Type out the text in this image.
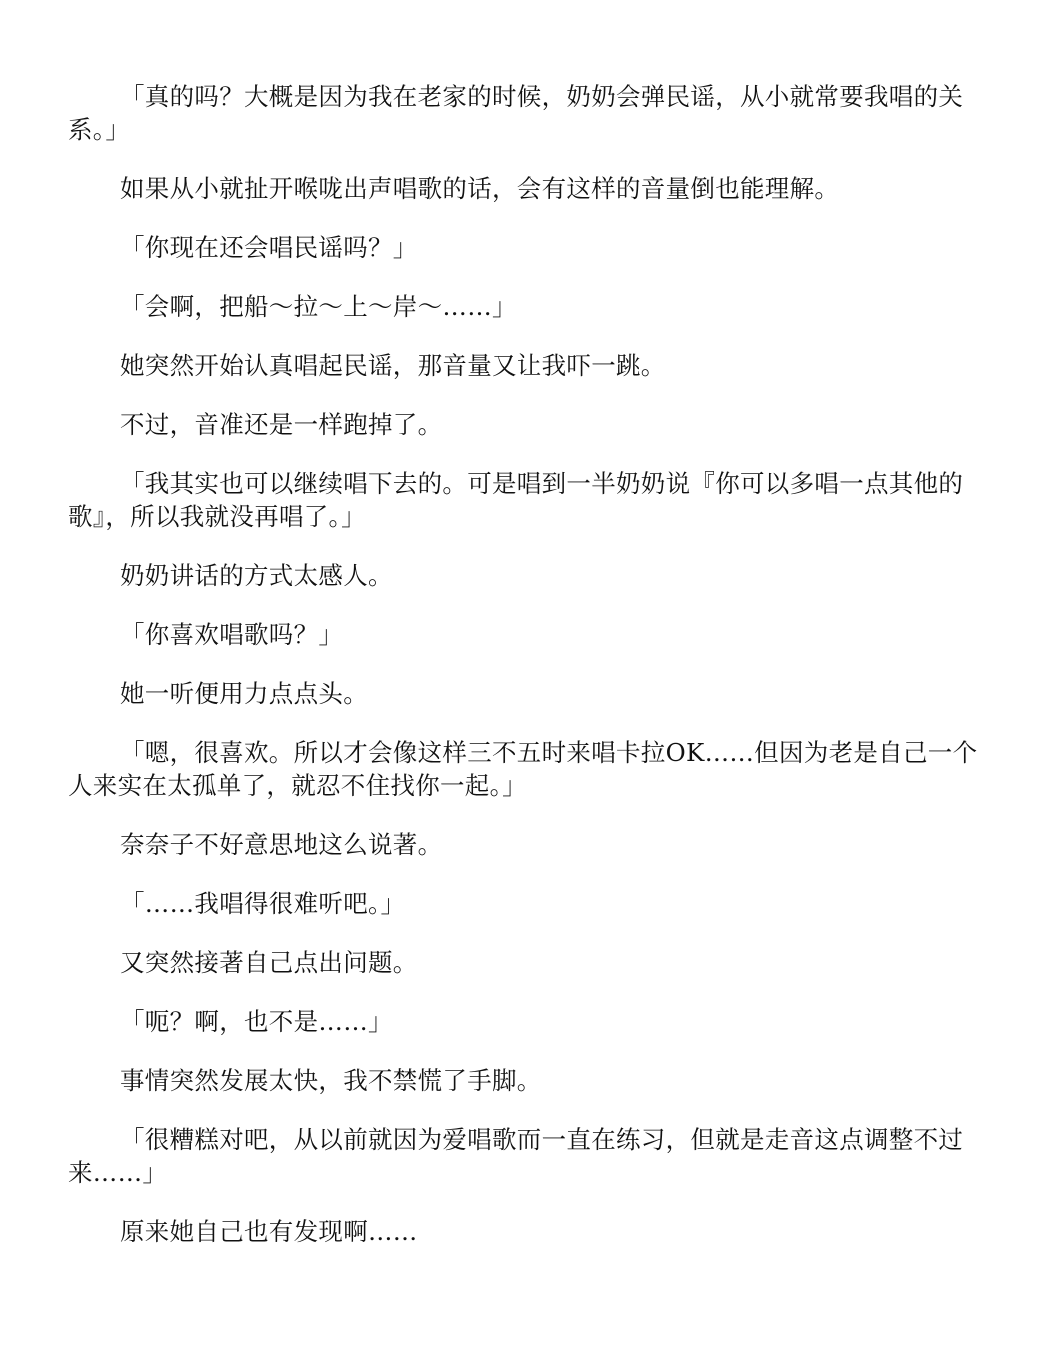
「真的吗？大概是因为我在老家的时候，奶奶会弹民谣，从小就常要我唱的关系。」

如果从小就扯开喉咙出声唱歌的话，会有这样的音量倒也能理解。

「你现在还会唱民谣吗？」

「会啊，把船～拉～上～岸～……」

她突然开始认真唱起民谣，那音量又让我吓一跳。

不过，音准还是一样跑掉了。

「我其实也可以继续唱下去的。可是唱到一半奶奶说『你可以多唱一点其他的歌』，所以我就没再唱了。」

奶奶讲话的方式太感人。

「你喜欢唱歌吗？」

她一听便用力点点头。

「嗯，很喜欢。所以才会像这样三不五时来唱卡拉OK……但因为老是自己一个人来实在太孤单了，就忍不住找你一起。」

奈奈子不好意思地这么说著。

「……我唱得很难听吧。」

又突然接著自己点出问题。

「呃？啊，也不是……」

事情突然发展太快，我不禁慌了手脚。

「很糟糕对吧，从以前就因为爱唱歌而一直在练习，但就是走音这点调整不过来……」

原来她自己也有发现啊……
